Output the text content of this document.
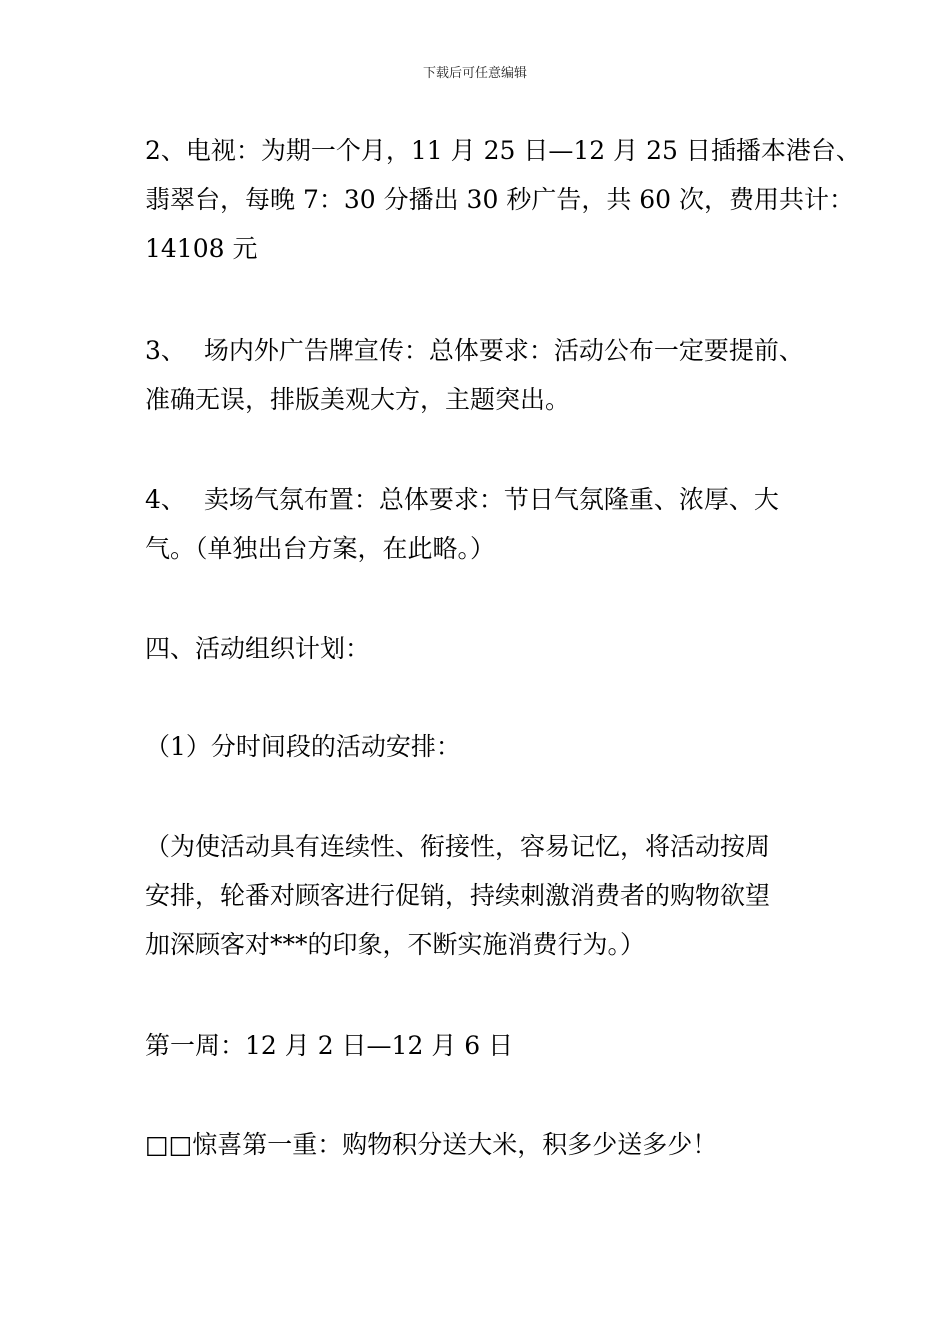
下载后可任意编辑
2、电视：为期一个月，11 月 25 日—12 月 25 日插播本港台、
翡翠台，每晚 7：30 分播出 30 秒广告，共 60 次，费用共计：
14108 元
3、 场内外广告牌宣传：总体要求：活动公布一定要提前、
准确无误，排版美观大方，主题突出。
4、 卖场气氛布置：总体要求：节日气氛隆重、浓厚、大
气。（单独出台方案，在此略。）
四、活动组织计划：
（1）分时间段的活动安排：
（为使活动具有连续性、衔接性，容易记忆，将活动按周
安排，轮番对顾客进行促销，持续刺激消费者的购物欲望
加深顾客对***的印象，不断实施消费行为。）
第一周：12 月 2 日—12 月 6 日
□□惊喜第一重：购物积分送大米，积多少送多少！
